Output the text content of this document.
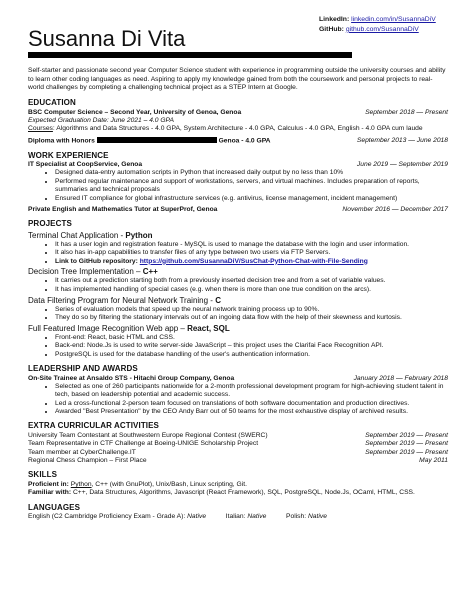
Susanna Di Vita
LinkedIn: linkedin.com/in/SusannaDiV
GitHub: github.com/SusannaDiV
Self-starter and passionate second year Computer Science student with experience in programming outside the university courses and ability to learn other coding languages as need. Aspiring to apply my knowledge gained from both the coursework and personal projects to real-world challenges by completing a challenging technical project as a STEP Intern at Google.
EDUCATION
BSC Computer Science – Second Year, University of Genoa, Genoa	September 2018 — Present
Expected Graduation Date: June 2021 – 4.0 GPA
Courses: Algorithms and Data Structures - 4.0 GPA, System Architecture - 4.0 GPA, Calculus - 4.0 GPA, English - 4.0 GPA cum laude
Diploma with Honors	Genoa - 4.0 GPA	September 2013 — June 2018
WORK EXPERIENCE
IT Specialist at CoopService, Genoa	June 2019 — September 2019
• Designed data-entry automation scripts in Python that increased daily output by no less than 10%
• Performed regular maintenance and support of workstations, servers, and virtual machines. Includes preparation of reports, summaries and technical proposals
• Ensured IT compliance for global infrastructure services (e.g. antivirus, license management, incident management)
Private English and Mathematics Tutor at SuperProf, Genoa	November 2016 — December 2017
PROJECTS
Terminal Chat Application - Python
• It has a user login and registration feature - MySQL is used to manage the database with the login and user information.
• It also has in-app capabilities to transfer files of any type between two users via FTP Servers.
• Link to GitHub repository: https://github.com/SusannaDiV/SusChat-Python-Chat-with-File-Sending
Decision Tree Implementation – C++
• It carries out a prediction starting both from a previously inserted decision tree and from a set of variable values.
• It has implemented handling of special cases (e.g. when there is more than one true condition on the arcs).
Data Filtering Program for Neural Network Training - C
• Series of evaluation models that speed up the neural network training process up to 90%.
• They do so by filtering the stationary intervals out of an ingoing data flow with the help of their skewness and kurtosis.
Full Featured Image Recognition Web app – React, SQL
• Front-end: React, basic HTML and CSS.
• Back-end: Node.Js is used to write server-side JavaScript – this project uses the Clarifai Face Recognition API.
• PostgreSQL is used for the database handling of the user's authentication information.
LEADERSHIP AND AWARDS
On-Site Trainee at Ansaldo STS - Hitachi Group Company, Genoa	January 2018 — February 2018
• Selected as one of 260 participants nationwide for a 2-month professional development program for high-achieving student talent in tech, based on leadership potential and academic success.
• Led a cross-functional 2-person team focused on translations of both software documentation and production directives.
• Awarded "Best Presentation" by the CEO Andy Barr out of 50 teams for the most exhaustive display of archived results.
EXTRA CURRICULAR ACTIVITIES
University Team Contestant at Southwestern Europe Regional Contest (SWERC)	September 2019 — Present
Team Representative in CTF Challenge at Boeing-UNIGE Scholarship Project	September 2019 — Present
Team member at CyberChallenge.IT	September 2019 — Present
Regional Chess Champion – First Place	May 2011
SKILLS
Proficient in: Python, C++ (with GnuPlot), Unix/Bash, Linux scripting, Git.
Familiar with: C++, Data Structures, Algorithms, Javascript (React Framework), SQL, PostgreSQL, Node.Js, OCaml, HTML, CSS.
LANGUAGES
English (C2 Cambridge Proficiency Exam - Grade A): Native	Italian: Native	Polish: Native
